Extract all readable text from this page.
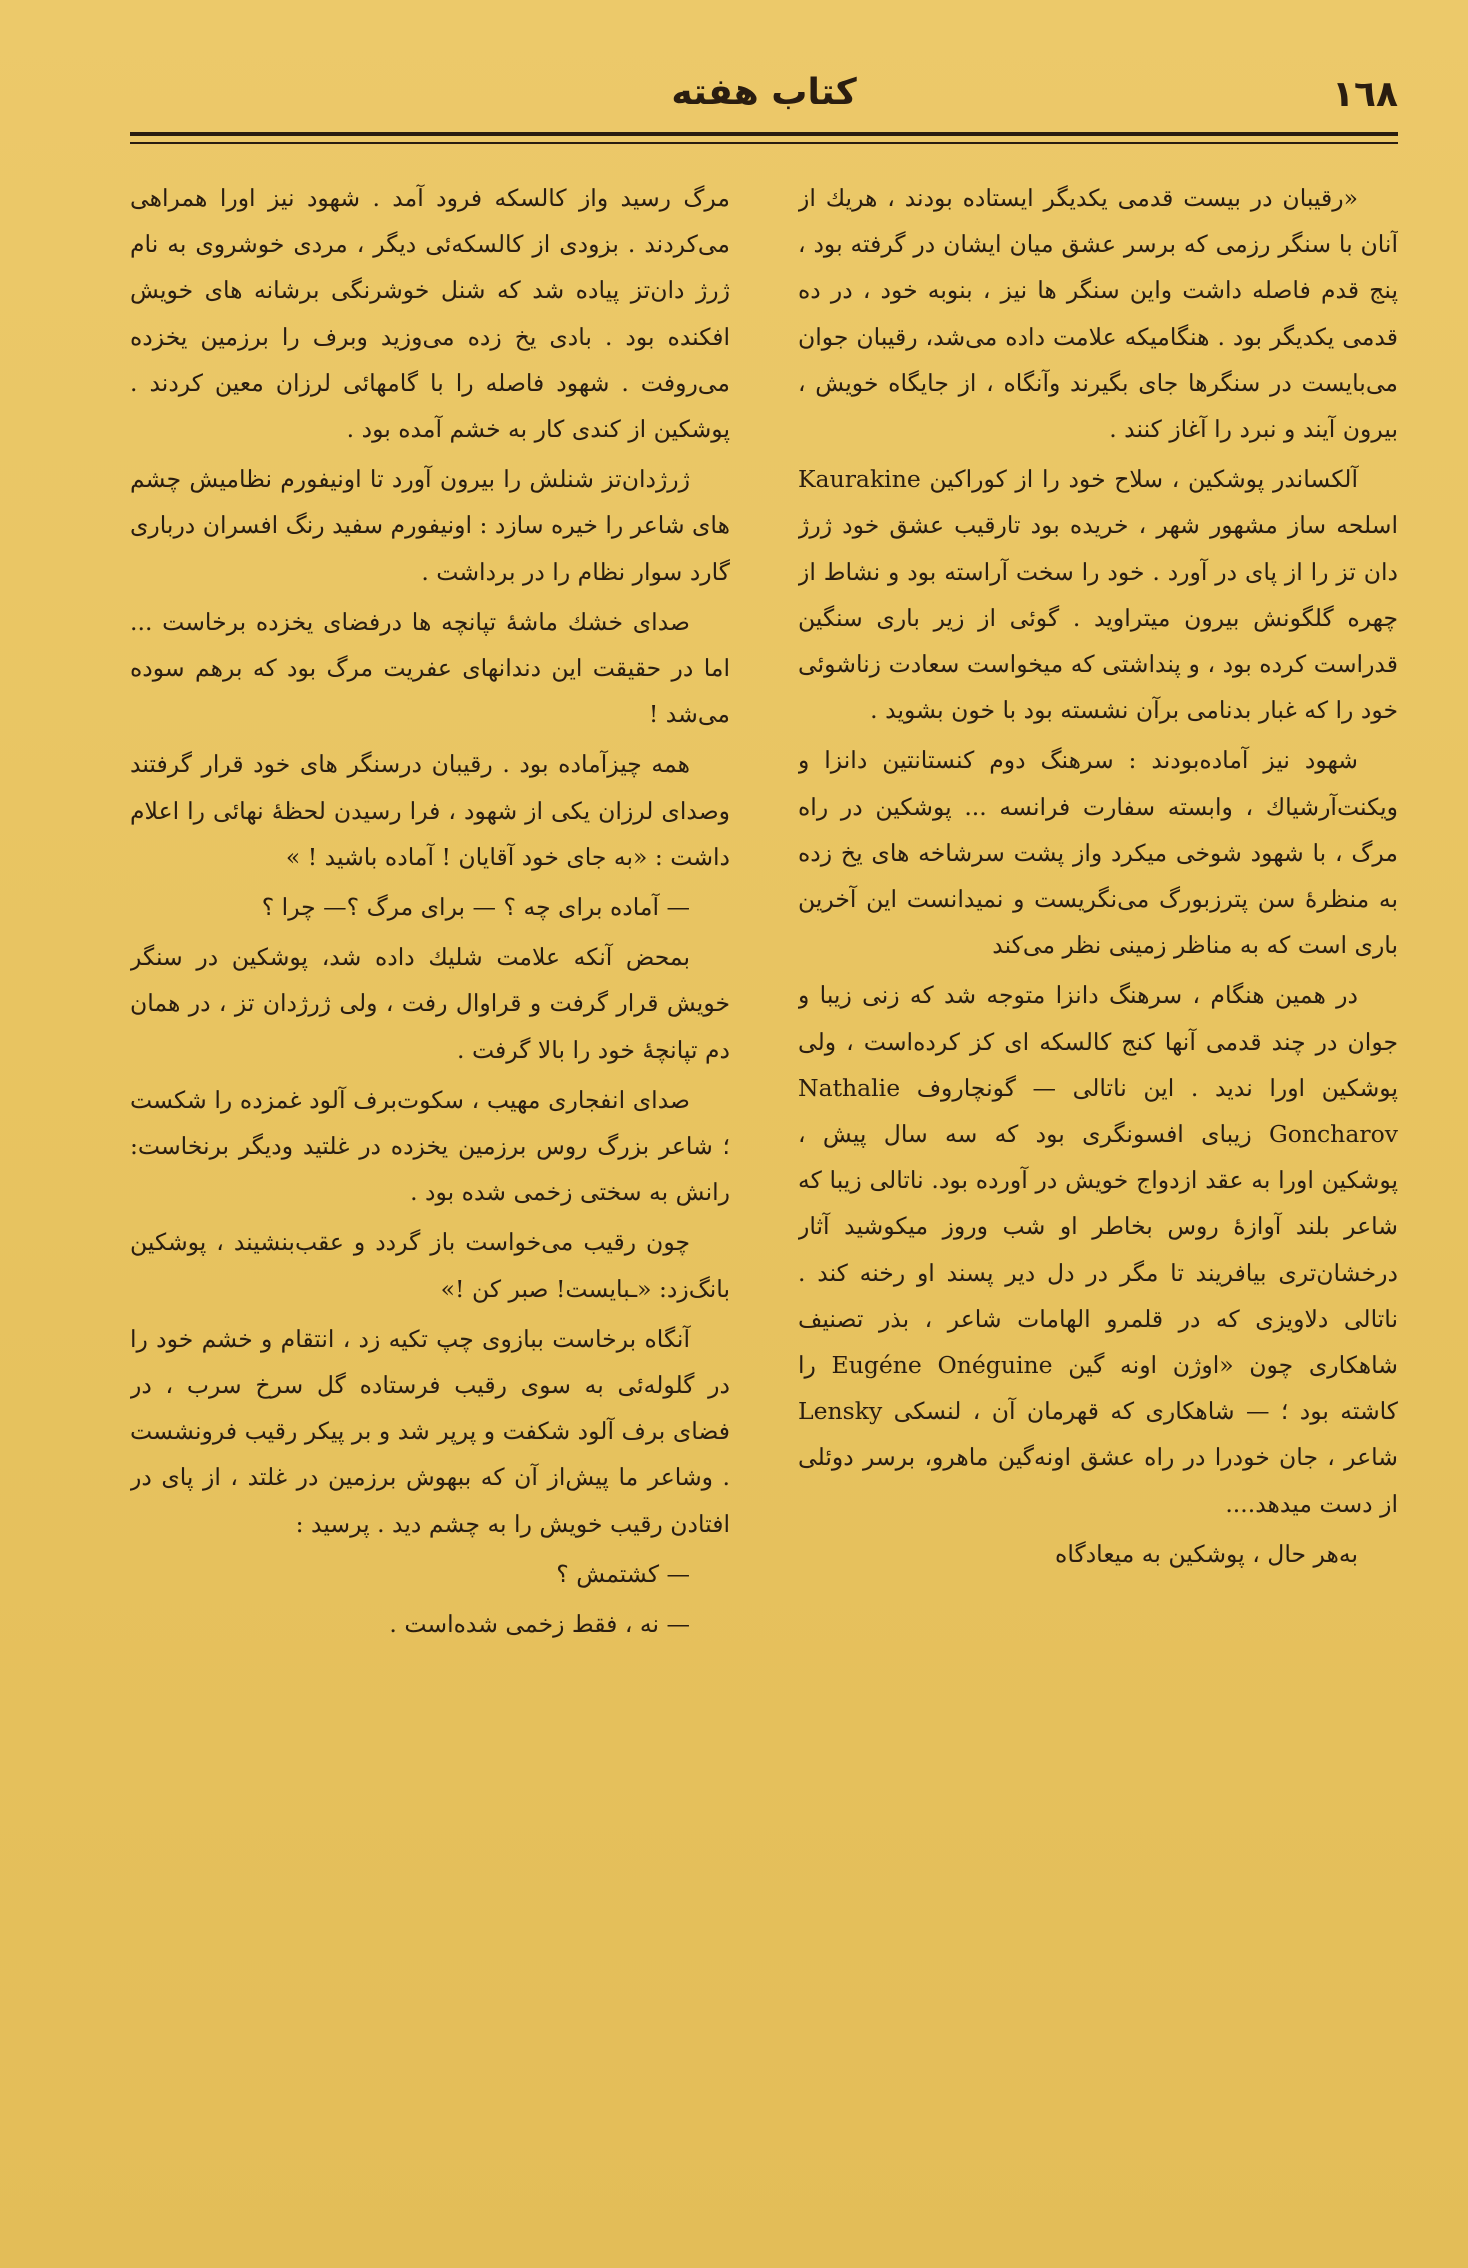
١٦٨
كتاب هفته

«رقیبان در بیست قدمی یکدیگر ایستاده بودند ، هریك از آنان با سنگر رزمی که برسر عشق میان ایشان در گرفته بود ، پنج قدم فاصله داشت واین سنگر ها نیز ، بنوبه خود ، در ده قدمی یکدیگر بود . هنگامیکه علامت داده می‌شد، رقیبان جوان می‌بایست در سنگرها جای بگیرند وآنگاه ، از جایگاه خویش ، بیرون آیند و نبرد را آغاز کنند .

آلکساندر پوشکین ، سلاح خود را از کوراکین Kaurakine اسلحه ساز مشهور شهر ، خریده بود تارقیب عشق خود ژرژ دان تز را از پای در آورد . خود را سخت آراسته بود و نشاط از چهره گلگونش بیرون میتراوید . گوئی از زیر باری سنگین قدراست کرده بود ، و پنداشتی که میخواست سعادت زناشوئی خود را که غبار بدنامی برآن نشسته بود با خون بشوید .

شهود نیز آماده‌بودند : سرهنگ دوم کنستانتین دانزا و ویکنت‌آرشیاك ، وابسته سفارت فرانسه ... پوشکین در راه مرگ ، با شهود شوخی میکرد واز پشت سرشاخه های یخ زده به منظرهٔ سن پترزبورگ می‌نگریست و نمیدانست این آخرین باری است که به مناظر زمینی نظر می‌کند

در همین هنگام ، سرهنگ دانزا متوجه شد که زنی زیبا و جوان در چند قدمی آنها کنج کالسکه ای کز کرده‌است ، ولی پوشکین اورا ندید . این ناتالی — گونچاروف Nathalie Goncharov زیبای افسونگری بود که سه سال پیش ، پوشکین اورا به عقد ازدواج خویش در آورده بود. ناتالی زیبا که شاعر بلند آوازهٔ روس بخاطر او شب وروز میکوشید آثار درخشان‌تری بیافریند تا مگر در دل دیر پسند او رخنه کند . ناتالی دلاویزی که در قلمرو الهامات شاعر ، بذر تصنیف شاهکاری چون «اوژن اونه گین Eugéne Onéguine را کاشته بود ؛ — شاهکاری که قهرمان آن ، لنسکی Lensky شاعر ، جان خودرا در راه عشق اونه‌گین ماهرو، برسر دوئلی از دست میدهد....

به‌هر حال ، پوشکین به میعادگاه

مرگ رسید واز کالسکه فرود آمد . شهود نیز اورا همراهی می‌کردند . بزودی از کالسکه‌ئی دیگر ، مردی خوشروی به نام ژرژ دان‌تز پیاده شد که شنل خوشرنگی برشانه های خویش افکنده بود . بادی یخ زده می‌وزید وبرف را برزمین یخزده می‌روفت . شهود فاصله را با گامهائی لرزان معین کردند . پوشکین از کندی کار به خشم آمده بود .

ژرژدان‌تز شنلش را بیرون آورد تا اونیفورم نظامیش چشم های شاعر را خیره سازد : اونیفورم سفید رنگ افسران درباری گارد سوار نظام را در برداشت .

صدای خشك ماشهٔ تپانچه ها درفضای یخزده برخاست ... اما در حقیقت این دندانهای عفریت مرگ بود که برهم سوده می‌شد !

همه چیزآماده بود . رقیبان درسنگر های خود قرار گرفتند وصدای لرزان یکی از شهود ، فرا رسیدن لحظهٔ نهائی را اعلام داشت : «به جای خود آقایان ! آماده باشید ! »

— آماده برای چه ؟ — برای مرگ ؟— چرا ؟

بمحض آنکه علامت شلیك داده شد، پوشکین در سنگر خویش قرار گرفت و قراوال رفت ، ولی ژرژدان تز ، در همان دم تپانچهٔ خود را بالا گرفت .

صدای انفجاری مهیب ، سکوت‌برف آلود غمزده را شکست ؛ شاعر بزرگ روس برزمین یخزده در غلتید ودیگر برنخاست: رانش به سختی زخمی شده بود .

چون رقیب می‌خواست باز گردد و عقب‌بنشیند ، پوشکین بانگ‌زد: «ـبایست! صبر کن !»

آنگاه برخاست ببازوی چپ تکیه زد ، انتقام و خشم خود را در گلوله‌ئی به سوی رقیب فرستاده گل سرخ سرب ، در فضای برف آلود شکفت و پرپر شد و بر پیکر رقیب فرونشست . وشاعر ما پیش‌از آن که ببهوش برزمین در غلتد ، از پای در افتادن رقیب خویش را به چشم دید . پرسید :

— کشتمش ؟

— نه ، فقط زخمی شده‌است .
